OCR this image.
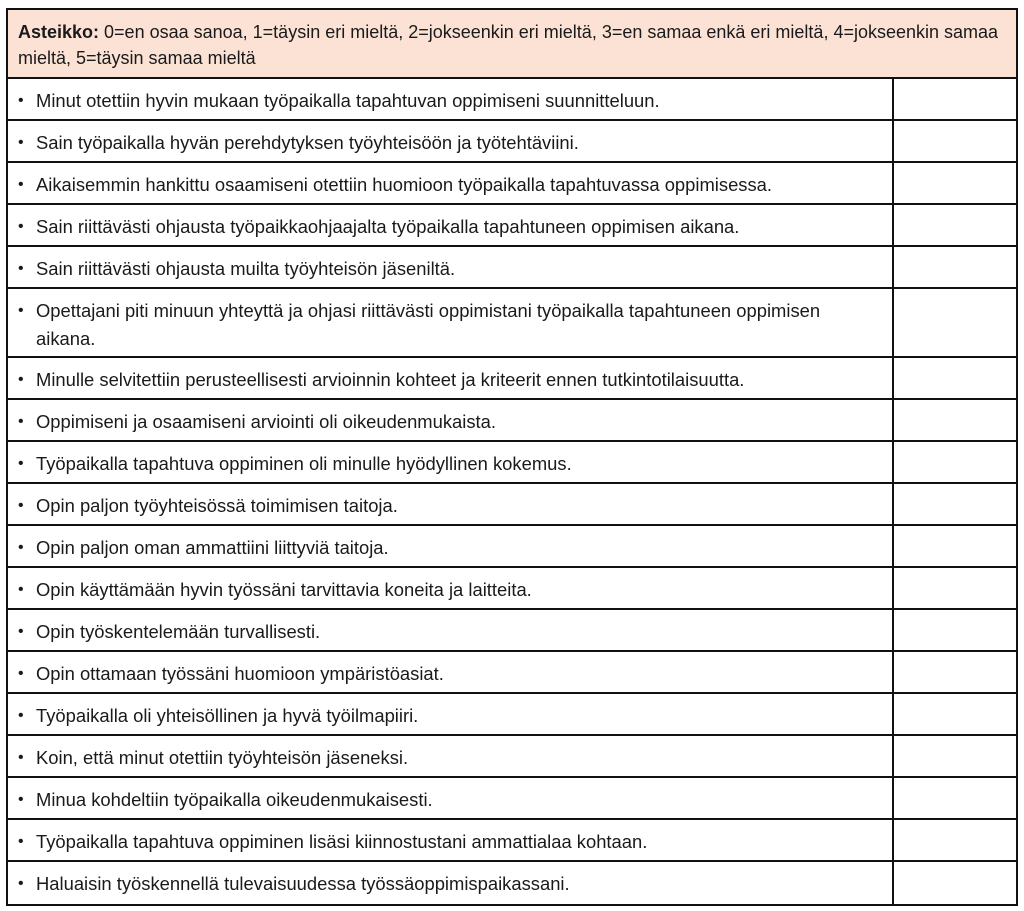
Asteikko: 0=en osaa sanoa, 1=täysin eri mieltä, 2=jokseenkin eri mieltä, 3=en samaa enkä eri mieltä, 4=jokseenkin samaa mieltä, 5=täysin samaa mieltä
• Minut otettiin hyvin mukaan työpaikalla tapahtuvan oppimiseni suunnitteluun.
• Sain työpaikalla hyvän perehdytyksen työyhteisöön ja työtehtäviini.
• Aikaisemmin hankittu osaamiseni otettiin huomioon työpaikalla tapahtuvassa oppimisessa.
• Sain riittävästi ohjausta työpaikkaohjaajalta työpaikalla tapahtuneen oppimisen aikana.
• Sain riittävästi ohjausta muilta työyhteisön jäseniltä.
• Opettajani piti minuun yhteyttä ja ohjasi riittävästi oppimistani työpaikalla tapahtuneen oppimisen aikana.
• Minulle selvitettiin perusteellisesti arvioinnin kohteet ja kriteerit ennen tutkintotilaisuutta.
• Oppimiseni ja osaamiseni arviointi oli oikeudenmukaista.
• Työpaikalla tapahtuva oppiminen oli minulle hyödyllinen kokemus.
• Opin paljon työyhteisössä toimimisen taitoja.
• Opin paljon oman ammattiini liittyviä taitoja.
• Opin käyttämään hyvin työssäni tarvittavia koneita ja laitteita.
• Opin työskentelemään turvallisesti.
• Opin ottamaan työssäni huomioon ympäristöasiat.
• Työpaikalla oli yhteisöllinen ja hyvä työilmapiiri.
• Koin, että minut otettiin työyhteisön jäseneksi.
• Minua kohdeltiin työpaikalla oikeudenmukaisesti.
• Työpaikalla tapahtuva oppiminen lisäsi kiinnostustani ammattialaa kohtaan.
• Haluaisin työskennellä tulevaisuudessa työssäoppimispaikassani.
